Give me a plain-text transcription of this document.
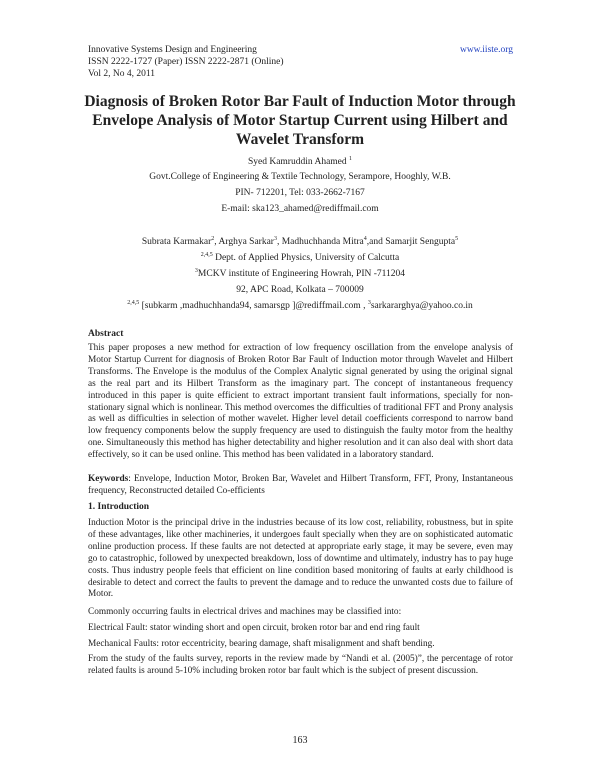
Innovative Systems Design and Engineering
ISSN 2222-1727 (Paper) ISSN 2222-2871 (Online)
Vol 2, No 4, 2011
www.iiste.org
Diagnosis of Broken Rotor Bar Fault of Induction Motor through Envelope Analysis of Motor Startup Current using Hilbert and Wavelet Transform
Syed Kamruddin Ahamed $^1$
Govt.College of Engineering & Textile Technology, Serampore, Hooghly, W.B.
PIN- 712201, Tel: 033-2662-7167
E-mail: ska123_ahamed@rediffmail.com
Subrata Karmakar$^2$, Arghya Sarkar$^3$, Madhuchhanda Mitra$^4$,and Samarjit Sengupta$^5$
$^{2,4,5}$ Dept. of Applied Physics, University of Calcutta
$^3$MCKV institute of Engineering Howrah, PIN -711204
92, APC Road, Kolkata – 700009
$^{2,4,5}$ [subkarm ,madhuchhanda94, samarsgp ]@rediffmail.com , $^3$sarkararghya@yahoo.co.in
Abstract

This paper proposes a new method for extraction of low frequency oscillation from the envelope analysis of Motor Startup Current for diagnosis of Broken Rotor Bar Fault of Induction motor through Wavelet and Hilbert Transforms. The Envelope is the modulus of the Complex Analytic signal generated by using the original signal as the real part and its Hilbert Transform as the imaginary part. The concept of instantaneous frequency introduced in this paper is quite efficient to extract important transient fault informations, specially for non- stationary signal which is nonlinear. This method overcomes the difficulties of traditional FFT and Prony analysis as well as difficulties in selection of mother wavelet. Higher level detail coefficients correspond to narrow band low frequency components below the supply frequency are used to distinguish the faulty motor from the healthy one. Simultaneously this method has higher detectability and higher resolution and it can also deal with short data effectively, so it can be used online. This method has been validated in a laboratory standard.

Keywords: Envelope, Induction Motor, Broken Bar, Wavelet and Hilbert Transform, FFT, Prony, Instantaneous frequency, Reconstructed detailed Co-efficients

1. Introduction

Induction Motor is the principal drive in the industries because of its low cost, reliability, robustness, but in spite of these advantages, like other machineries, it undergoes fault specially when they are on sophisticated automatic online production process. If these faults are not detected at appropriate early stage, it may be severe, even may go to catastrophic, followed by unexpected breakdown, loss of downtime and ultimately, industry has to pay huge costs. Thus industry people feels that efficient on line condition based monitoring of faults at early childhood is desirable to detect and correct the faults to prevent the damage and to reduce the unwanted costs due to failure of Motor.

Commonly occurring faults in electrical drives and machines may be classified into:
Electrical Fault: stator winding short and open circuit, broken rotor bar and end ring fault
Mechanical Faults: rotor eccentricity, bearing damage, shaft misalignment and shaft bending.

From the study of the faults survey, reports in the review made by “Nandi et al. (2005)”, the percentage of rotor related faults is around 5-10% including broken rotor bar fault which is the subject of present discussion.

163
